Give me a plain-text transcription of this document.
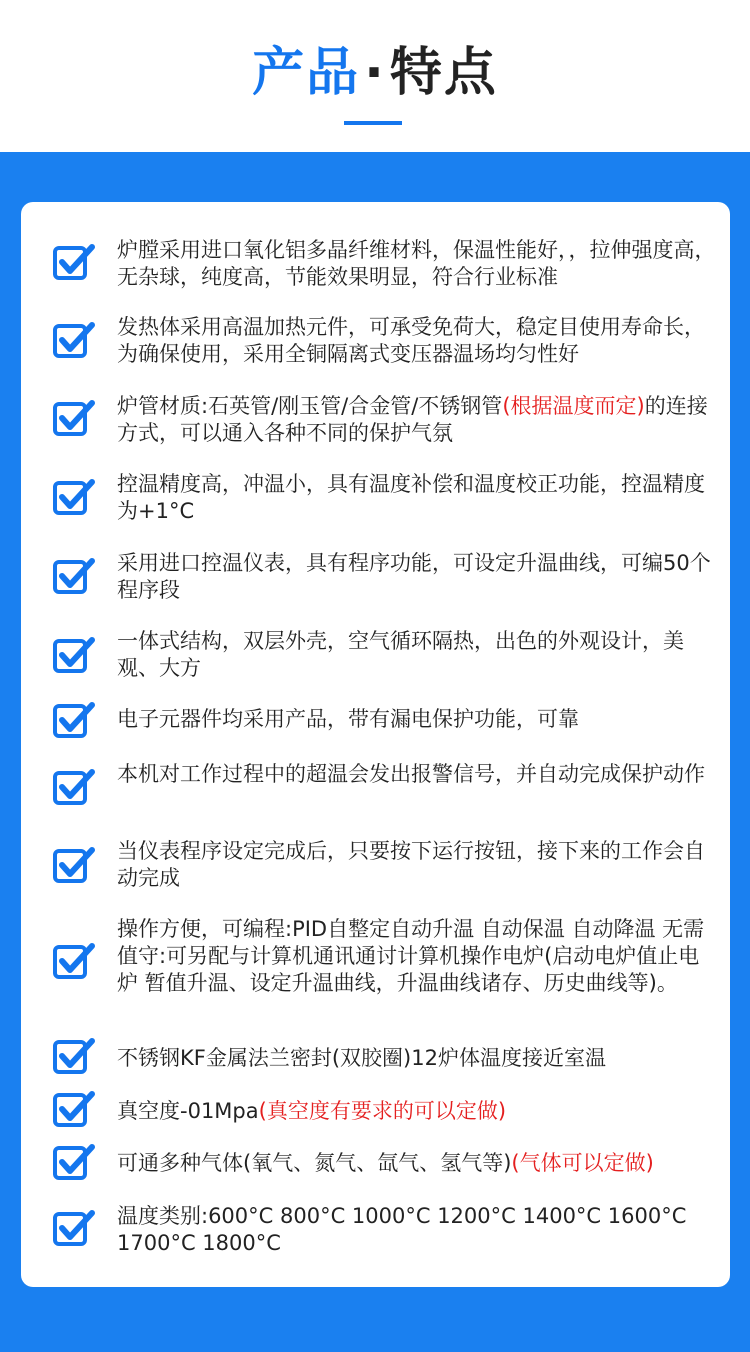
产品·特点
炉膛采用进口氧化铝多晶纤维材料，保温性能好，，拉伸强度高，无杂球，纯度高，节能效果明显，符合行业标准
发热体采用高温加热元件，可承受免荷大，稳定目使用寿命长，为确保使用，采用全铜隔离式变压器温场均匀性好
炉管材质:石英管/刚玉管/合金管/不锈钢管(根据温度而定)的连接方式，可以通入各种不同的保护气氛
控温精度高，冲温小，具有温度补偿和温度校正功能，控温精度为+1°C
采用进口控温仪表，具有程序功能，可设定升温曲线，可编50个程序段
一体式结构，双层外壳，空气循环隔热，出色的外观设计，美观、大方
电子元器件均采用产品，带有漏电保护功能，可靠
本机对工作过程中的超温会发出报警信号，并自动完成保护动作
当仪表程序设定完成后，只要按下运行按钮，接下来的工作会自动完成
操作方便，可编程:PID自整定自动升温 自动保温 自动降温 无需值守:可另配与计算机通讯通讨计算机操作电炉(启动电炉值止电炉 暂值升温、设定升温曲线，升温曲线诸存、历史曲线等)。
不锈钢KF金属法兰密封(双胶圈)12炉体温度接近室温
真空度-01Mpa(真空度有要求的可以定做)
可通多种气体(氧气、氮气、氙气、氢气等)(气体可以定做)
温度类别:600°C 800°C 1000°C 1200°C 1400°C 1600°C 1700°C 1800°C
